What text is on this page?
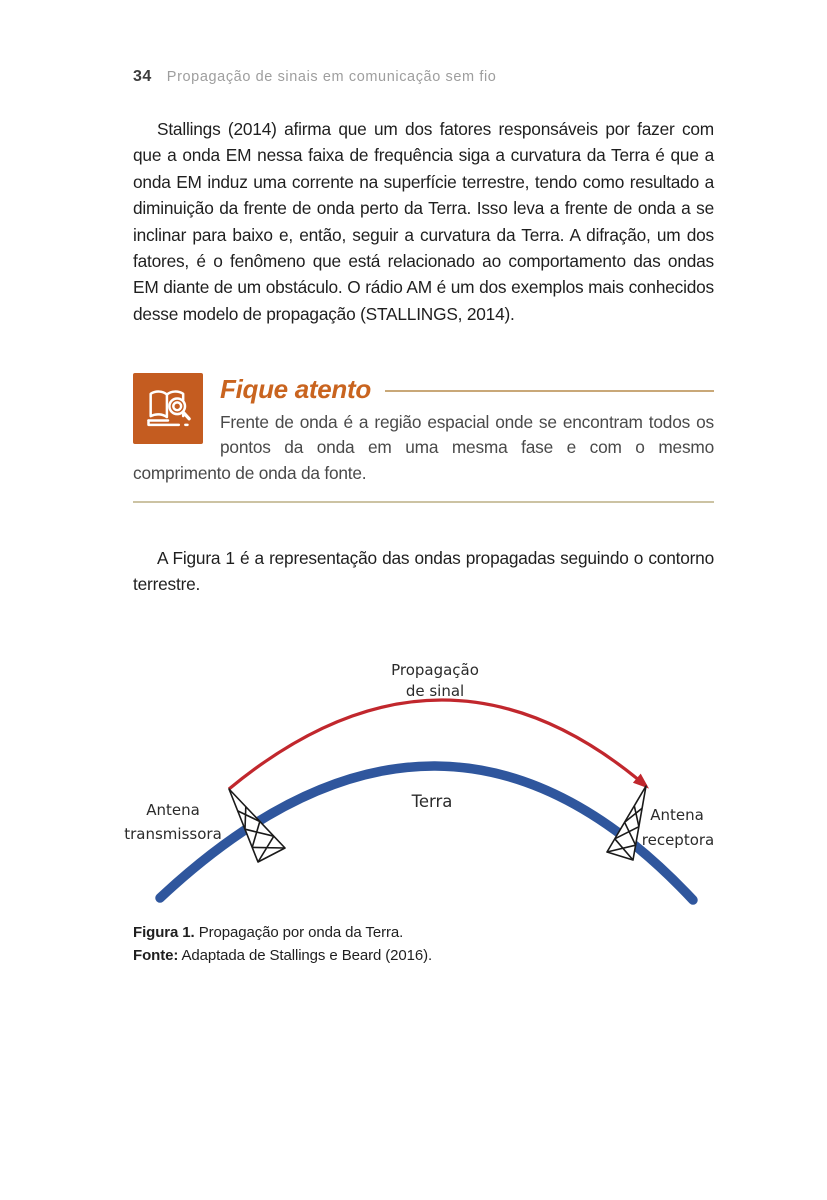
34 Propagação de sinais em comunicação sem fio

Stallings (2014) afirma que um dos fatores responsáveis por fazer com que a onda EM nessa faixa de frequência siga a curvatura da Terra é que a onda EM induz uma corrente na superfície terrestre, tendo como resultado a diminuição da frente de onda perto da Terra. Isso leva a frente de onda a se inclinar para baixo e, então, seguir a curvatura da Terra. A difração, um dos fatores, é o fenômeno que está relacionado ao comportamento das ondas EM diante de um obstáculo. O rádio AM é um dos exemplos mais conhecidos desse modelo de propagação (STALLINGS, 2014).

Fique atento
Frente de onda é a região espacial onde se encontram todos os pontos da onda em uma mesma fase e com o mesmo comprimento de onda da fonte.

A Figura 1 é a representação das ondas propagadas seguindo o contorno terrestre.

Propagação
de sinal
Terra
Antena
transmissora
Antena
receptora
Figura 1. Propagação por onda da Terra.
Fonte: Adaptada de Stallings e Beard (2016).
